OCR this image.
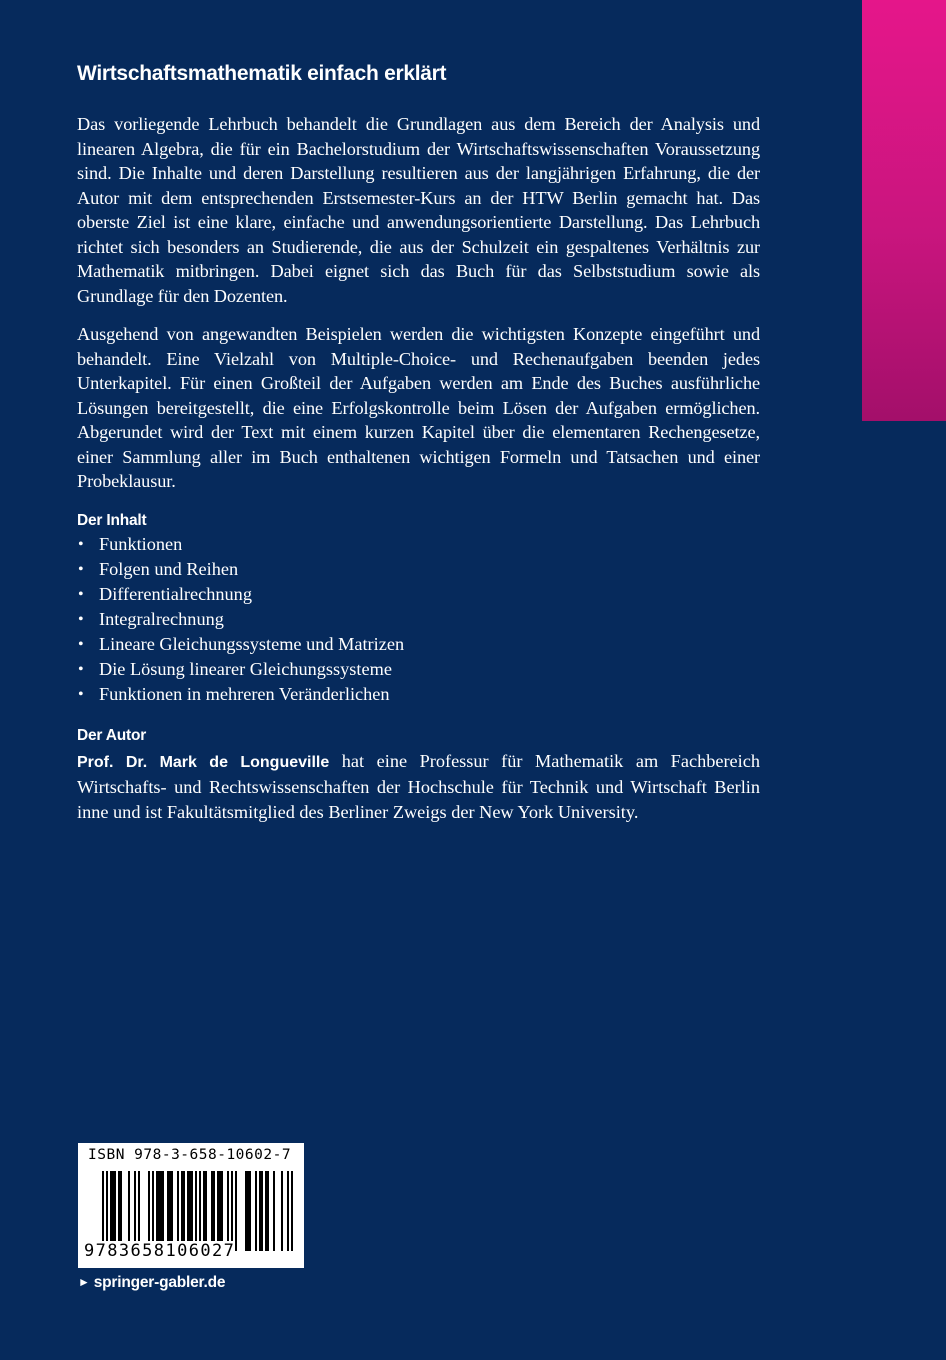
Wirtschaftsmathematik einfach erklärt

Das vorliegende Lehrbuch behandelt die Grundlagen aus dem Bereich der Analysis und linearen Algebra, die für ein Bachelorstudium der Wirtschaftswissenschaften Voraussetzung sind. Die Inhalte und deren Darstellung resultieren aus der langjährigen Erfahrung, die der Autor mit dem entsprechenden Erstsemester-Kurs an der HTW Berlin gemacht hat. Das oberste Ziel ist eine klare, einfache und anwendungsorientierte Darstellung. Das Lehrbuch richtet sich besonders an Studierende, die aus der Schulzeit ein gespaltenes Verhältnis zur Mathematik mitbringen. Dabei eignet sich das Buch für das Selbststudium sowie als Grundlage für den Dozenten.

Ausgehend von angewandten Beispielen werden die wichtigsten Konzepte eingeführt und behandelt. Eine Vielzahl von Multiple-Choice- und Rechenaufgaben beenden jedes Unterkapitel. Für einen Großteil der Aufgaben werden am Ende des Buches ausführliche Lösungen bereitgestellt, die eine Erfolgskontrolle beim Lösen der Aufgaben ermöglichen. Abgerundet wird der Text mit einem kurzen Kapitel über die elementaren Rechengesetze, einer Sammlung aller im Buch enthaltenen wichtigen Formeln und Tatsachen und einer Probeklausur.

Der Inhalt
• Funktionen
• Folgen und Reihen
• Differentialrechnung
• Integralrechnung
• Lineare Gleichungssysteme und Matrizen
• Die Lösung linearer Gleichungssysteme
• Funktionen in mehreren Veränderlichen
Der Autor

Prof. Dr. Mark de Longueville hat eine Professur für Mathematik am Fachbereich Wirtschafts- und Rechtswissenschaften der Hochschule für Technik und Wirtschaft Berlin inne und ist Fakultätsmitglied des Berliner Zweigs der New York University.

ISBN 978-3-658-10602-7
9783658106027
► springer-gabler.de
